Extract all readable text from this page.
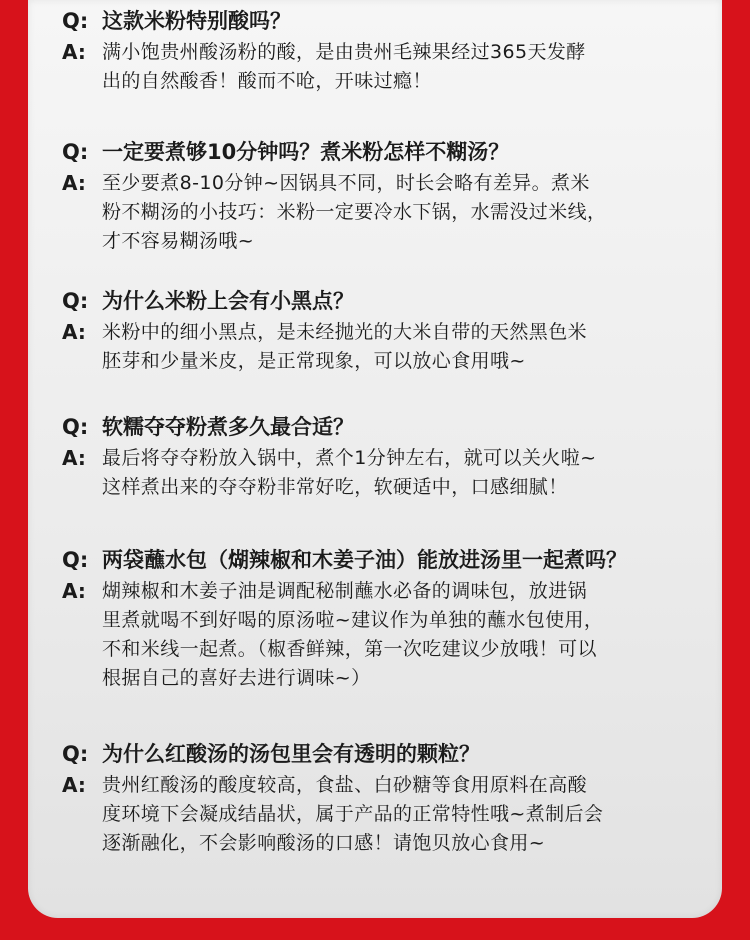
Q: 这款米粉特别酸吗？
A: 满小饱贵州酸汤粉的酸，是由贵州毛辣果经过365天发酵
出的自然酸香！酸而不呛，开味过瘾！
Q: 一定要煮够10分钟吗？煮米粉怎样不糊汤？
A: 至少要煮8-10分钟~因锅具不同，时长会略有差异。煮米
粉不糊汤的小技巧：米粉一定要冷水下锅，水需没过米线，
才不容易糊汤哦~
Q: 为什么米粉上会有小黑点？
A: 米粉中的细小黑点，是未经抛光的大米自带的天然黑色米
胚芽和少量米皮，是正常现象，可以放心食用哦~
Q: 软糯夺夺粉煮多久最合适？
A: 最后将夺夺粉放入锅中，煮个1分钟左右，就可以关火啦~
这样煮出来的夺夺粉非常好吃，软硬适中，口感细腻！
Q: 两袋蘸水包（煳辣椒和木姜子油）能放进汤里一起煮吗？
A: 煳辣椒和木姜子油是调配秘制蘸水必备的调味包，放进锅
里煮就喝不到好喝的原汤啦~建议作为单独的蘸水包使用，
不和米线一起煮。（椒香鲜辣，第一次吃建议少放哦！可以
根据自己的喜好去进行调味~）
Q: 为什么红酸汤的汤包里会有透明的颗粒？
A: 贵州红酸汤的酸度较高，食盐、白砂糖等食用原料在高酸
度环境下会凝成结晶状，属于产品的正常特性哦~煮制后会
逐渐融化，不会影响酸汤的口感！请饱贝放心食用~
